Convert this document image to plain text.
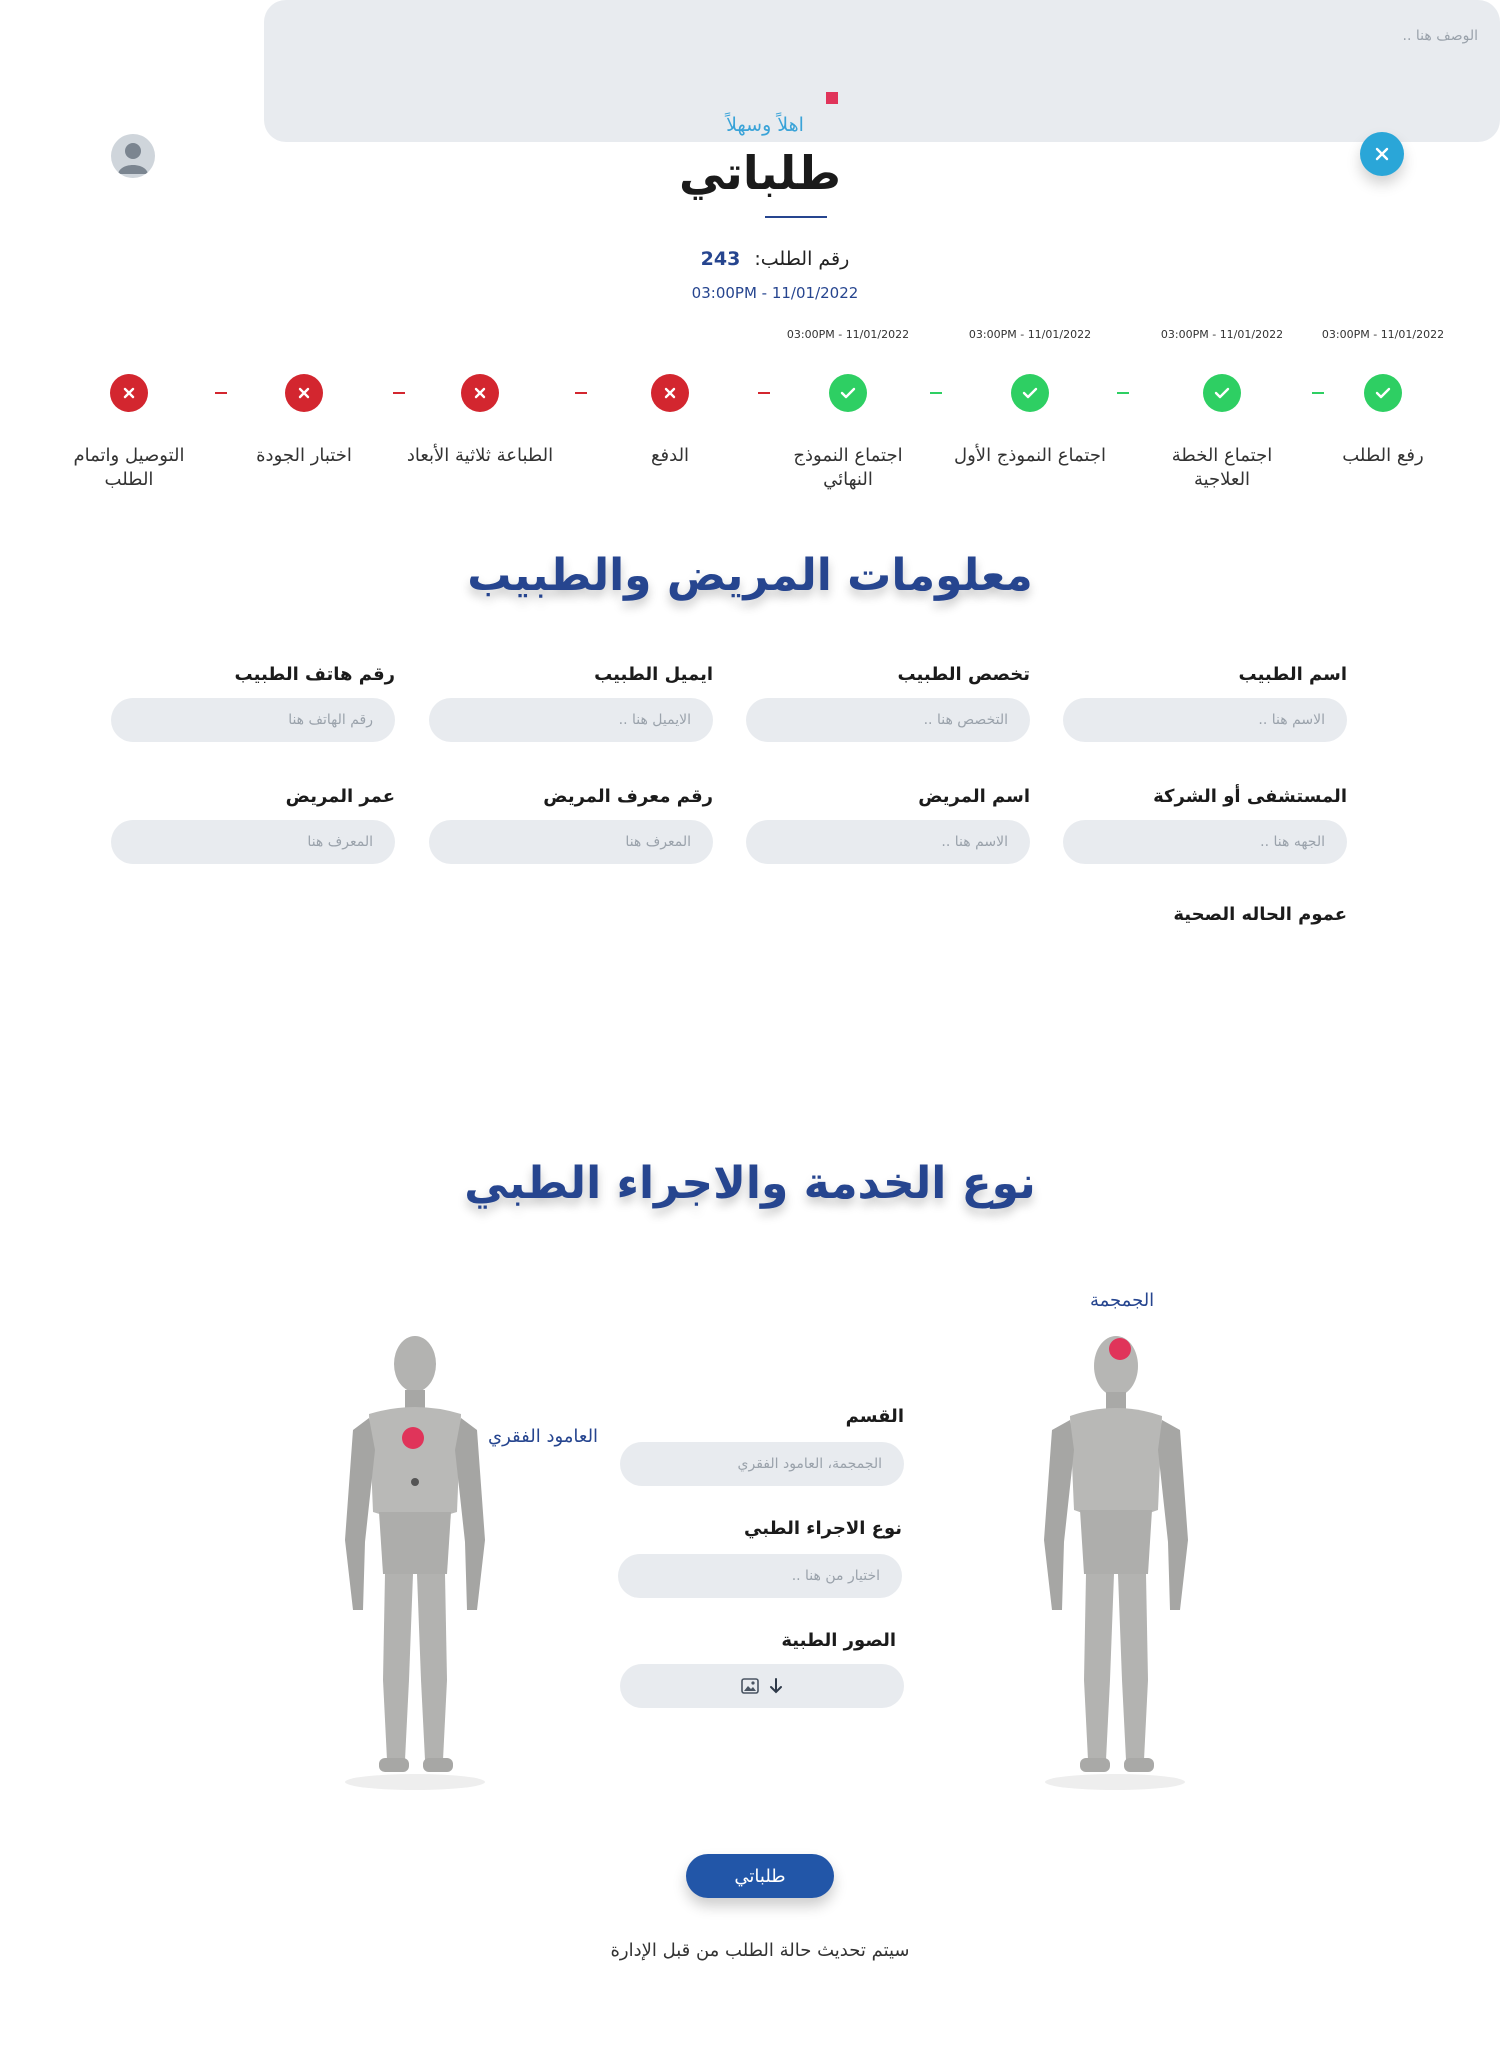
اهلاً وسهلاً
طلباتي
رقم الطلب: 243
11/01/2022 - 03:00PM
11/01/2022 - 03:00PM
رفع الطلب
11/01/2022 - 03:00PM
اجتماع الخطة العلاجية
11/01/2022 - 03:00PM
اجتماع النموذج الأول
11/01/2022 - 03:00PM
اجتماع النموذج النهائي
الدفع
الطباعة ثلاثية الأبعاد
اختبار الجودة
التوصيل واتمام الطلب
معلومات المريض والطبيب
اسم الطبيب
تخصص الطبيب
ايميل الطبيب
رقم هاتف الطبيب
الاسم هنا ..
التخصص هنا ..
الايميل هنا ..
رقم الهاتف هنا
المستشفى أو الشركة
اسم المريض
رقم معرف المريض
عمر المريض
الجهه هنا ..
الاسم هنا ..
المعرف هنا
المعرف هنا
عموم الحاله الصحية
الوصف هنا ..
نوع الخدمة والاجراء الطبي
الجمجمة
العامود الفقري
القسم
الجمجمة، العامود الفقري
نوع الاجراء الطبي
اختيار من هنا ..
الصور الطبية
طلباتي
سيتم تحديث حالة الطلب من قبل الإدارة
